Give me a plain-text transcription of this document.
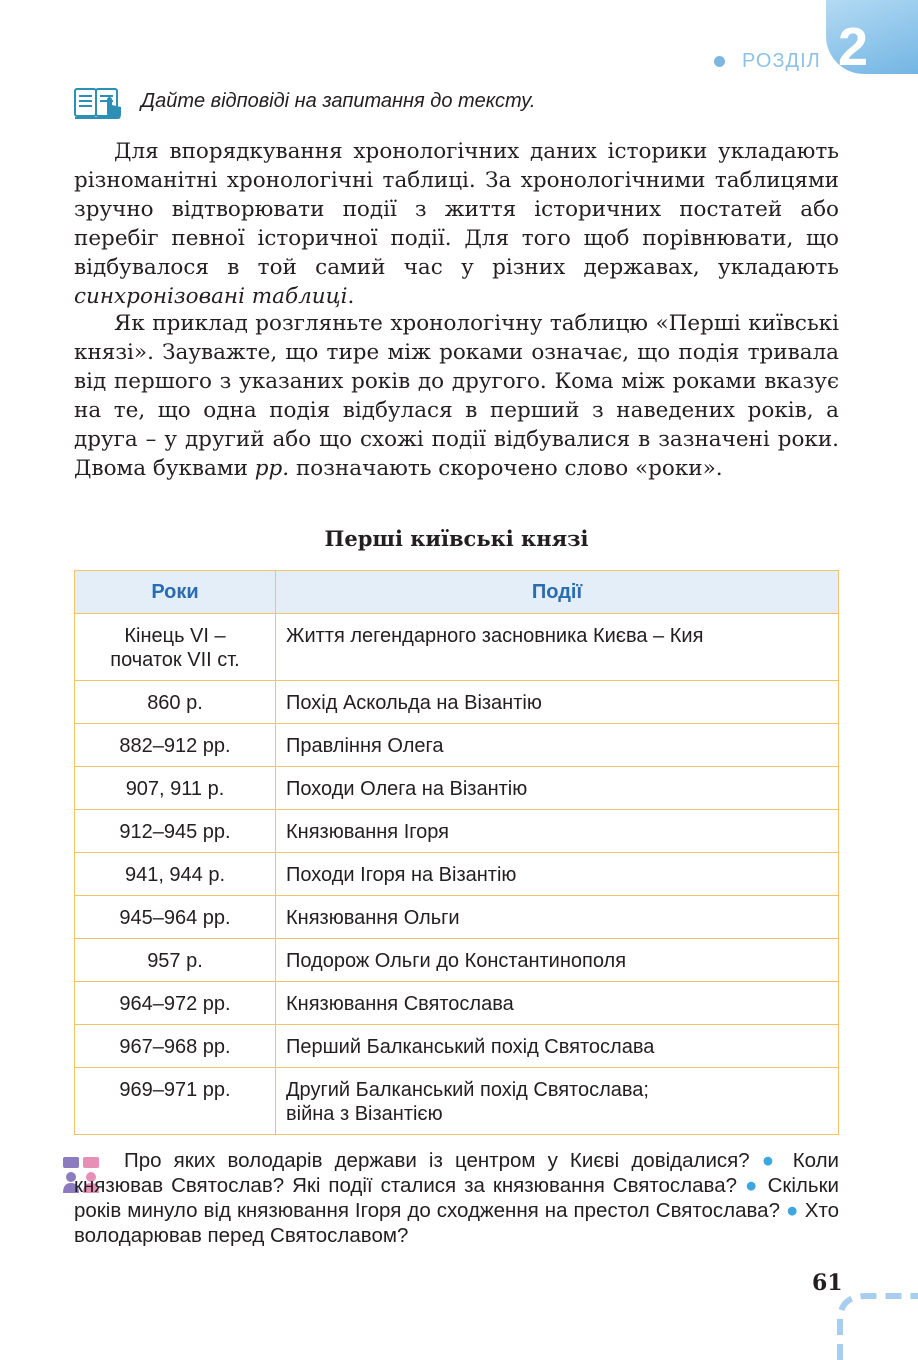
РОЗДІЛ 2
Дайте відповіді на запитання до тексту.

Для впорядкування хронологічних даних історики укладають різноманітні хронологічні таблиці. За хронологічними таблицями зручно відтворювати події з життя історичних постатей або перебіг певної історичної події. Для того щоб порівнювати, що відбувалося в той самий час у різних державах, укладають синхронізовані таблиці.

Як приклад розгляньте хронологічну таблицю «Перші київські князі». Зауважте, що тире між роками означає, що подія тривала від першого з указаних років до другого. Кома між роками вказує на те, що одна подія відбулася в перший з наведених років, а друга – у другий або що схожі події відбувалися в зазначені роки. Двома буквами рр. позначають скорочено слово «роки».

Перші київські князі
Роки	Події

Кінець VI –
початок VII ст.	Життя легендарного засновника Києва – Кия

860 р.	Похід Аскольда на Візантію

882–912 рр.	Правління Олега

907, 911 р.	Походи Олега на Візантію

912–945 рр.	Князювання Ігоря

941, 944 р.	Походи Ігоря на Візантію

945–964 рр.	Князювання Ольги

957 р.	Подорож Ольги до Константинополя

964–972 рр.	Князювання Святослава

967–968 рр.	Перший Балканський похід Святослава

969–971 рр.	Другий Балканський похід Святослава;
війна з Візантією

Про яких володарів держави із центром у Києві довідалися? ● Коли князював Святослав? Які події сталися за князювання Святослава? ● Скільки років минуло від князювання Ігоря до сходження на престол Святослава? ● Хто володарював перед Святославом?

61
